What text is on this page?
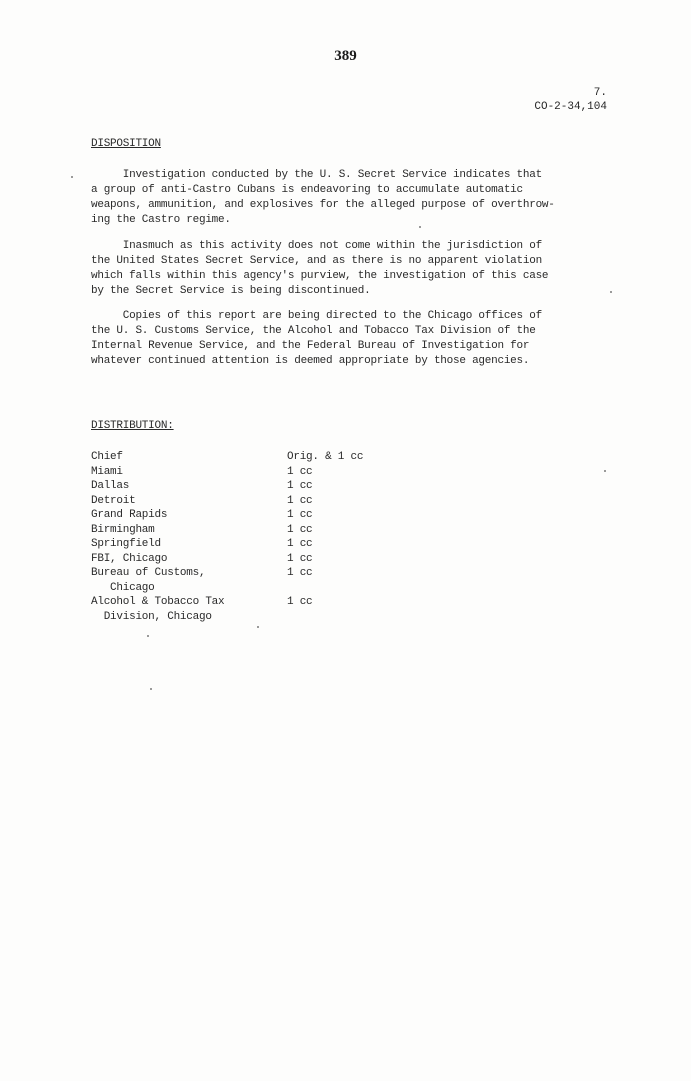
389
7.
CO-2-34,104
DISPOSITION

Investigation conducted by the U. S. Secret Service indicates that
a group of anti-Castro Cubans is endeavoring to accumulate automatic
weapons, ammunition, and explosives for the alleged purpose of overthrow-
ing the Castro regime.

Inasmuch as this activity does not come within the jurisdiction of
the United States Secret Service, and as there is no apparent violation
which falls within this agency's purview, the investigation of this case
by the Secret Service is being discontinued.

Copies of this report are being directed to the Chicago offices of
the U. S. Customs Service, the Alcohol and Tobacco Tax Division of the
Internal Revenue Service, and the Federal Bureau of Investigation for
whatever continued attention is deemed appropriate by those agencies.

DISTRIBUTION:
Chief	Orig. & 1 cc
Miami	1 cc
Dallas	1 cc
Detroit	1 cc
Grand Rapids	1 cc
Birmingham	1 cc
Springfield	1 cc
FBI, Chicago	1 cc
Bureau of Customs,
Chicago
1 cc
Alcohol & Tobacco Tax
Division, Chicago
1 cc
